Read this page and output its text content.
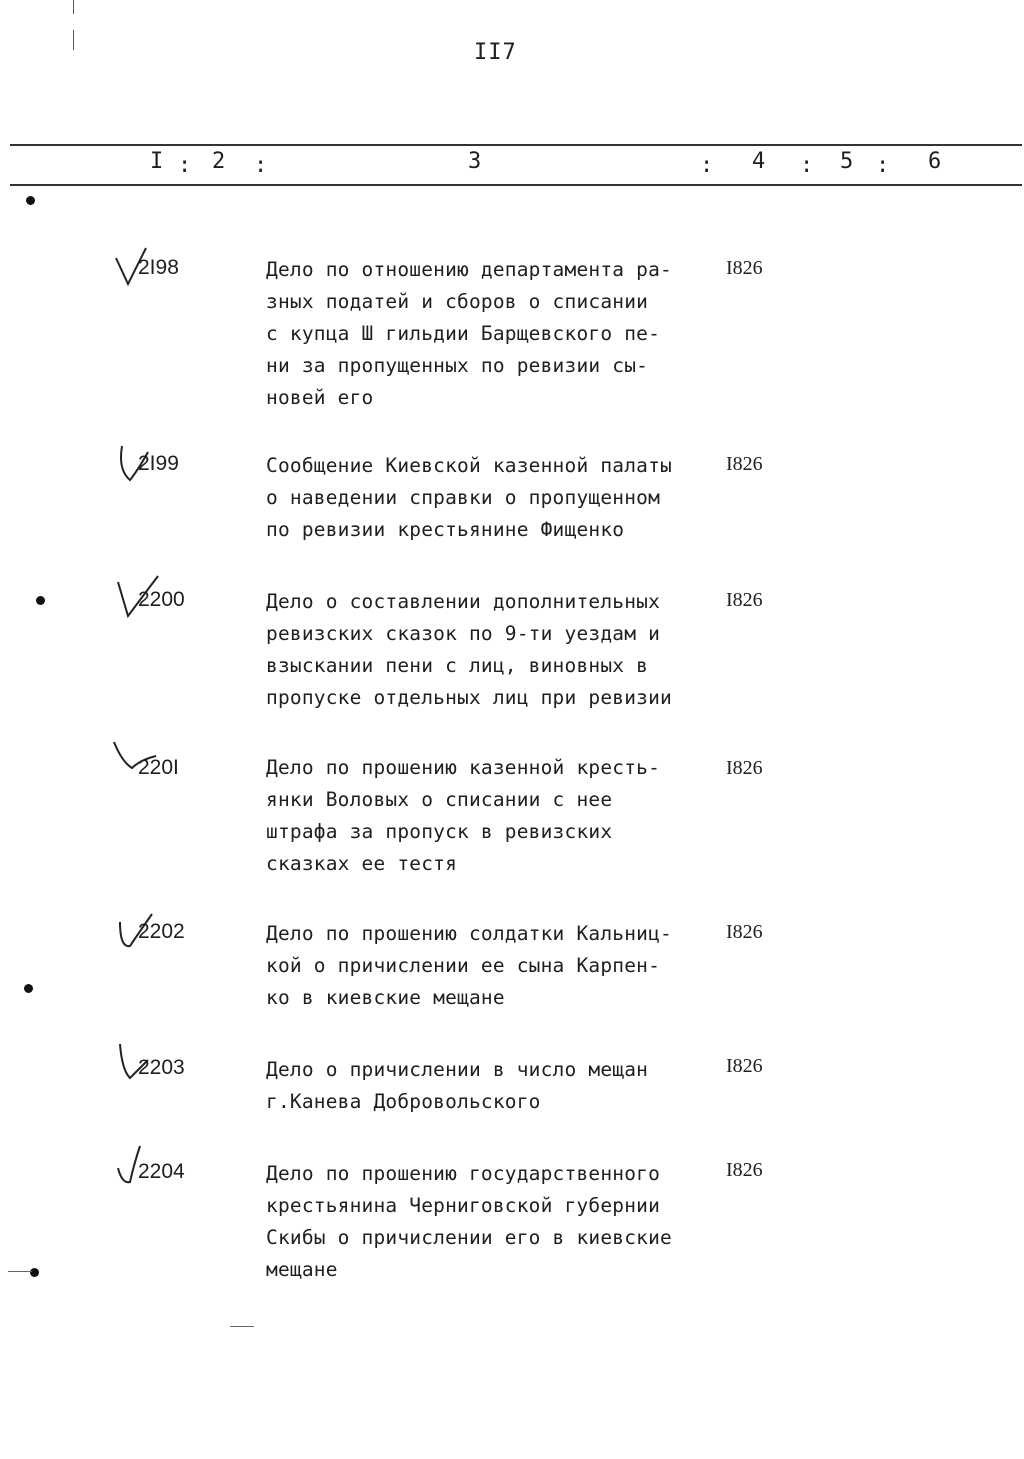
II7
I : 2 :	3	: 4 : 5 : 6
2I98	Дело по отношению департамента ра-
зных податей и сборов о списании
с купца Ш гильдии Барщевского пе-
ни за пропущенных по ревизии сы-
новей его
I826
2I99	Сообщение Киевской казенной палаты
о наведении справки о пропущенном
по ревизии крестьянине Фищенко
I826
2200	Дело о составлении дополнительных
ревизских сказок по 9-ти уездам и
взыскании пени с лиц, виновных в
пропуске отдельных лиц при ревизии
I826
220I	Дело по прошению казенной кресть-
янки Воловых о списании с нее
штрафа за пропуск в ревизских
сказках ее тестя
I826
2202	Дело по прошению солдатки Кальниц-
кой о причислении ее сына Карпен-
ко в киевские мещане
I826
2203	Дело о причислении в число мещан
г.Канева Добровольского
I826
2204	Дело по прошению государственного
крестьянина Черниговской губернии
Скибы о причислении его в киевские
мещане
I826
